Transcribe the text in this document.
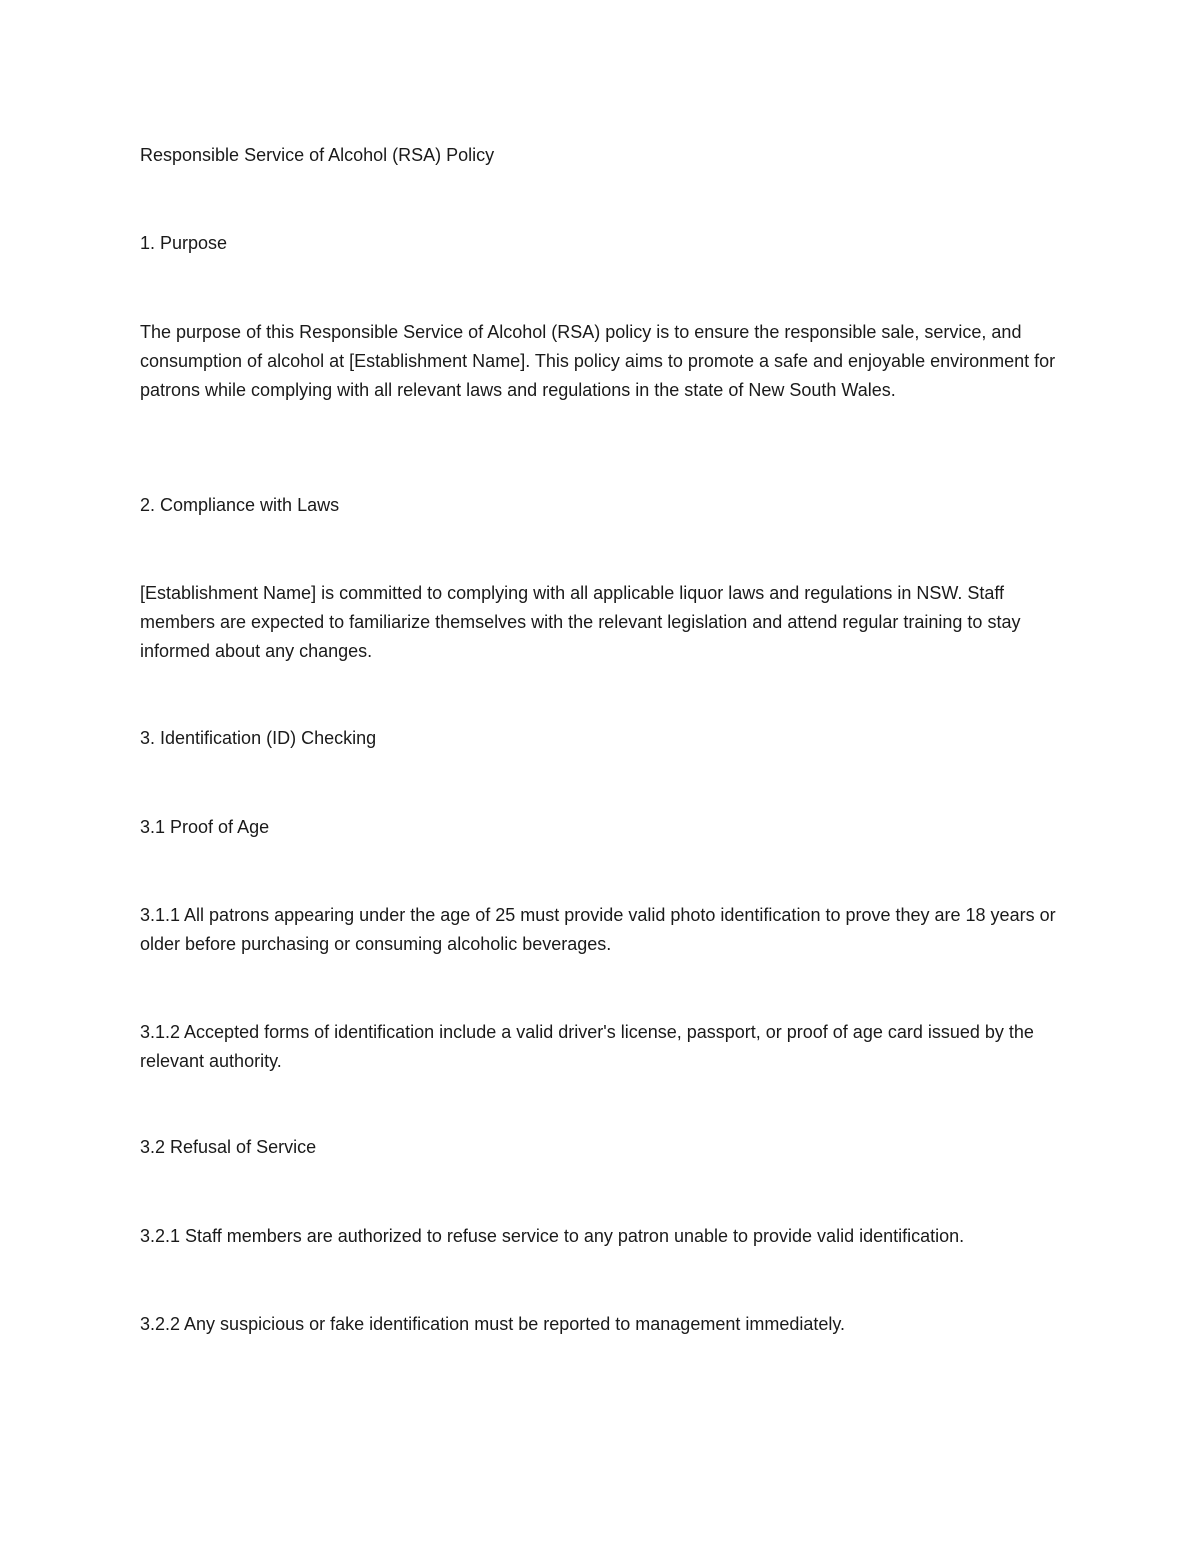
Responsible Service of Alcohol (RSA) Policy

1. Purpose

The purpose of this Responsible Service of Alcohol (RSA) policy is to ensure the responsible sale, service, and consumption of alcohol at [Establishment Name]. This policy aims to promote a safe and enjoyable environment for patrons while complying with all relevant laws and regulations in the state of New South Wales.

2. Compliance with Laws

[Establishment Name] is committed to complying with all applicable liquor laws and regulations in NSW. Staff members are expected to familiarize themselves with the relevant legislation and attend regular training to stay informed about any changes.

3. Identification (ID) Checking

3.1 Proof of Age

3.1.1 All patrons appearing under the age of 25 must provide valid photo identification to prove they are 18 years or older before purchasing or consuming alcoholic beverages.

3.1.2 Accepted forms of identification include a valid driver's license, passport, or proof of age card issued by the relevant authority.

3.2 Refusal of Service

3.2.1 Staff members are authorized to refuse service to any patron unable to provide valid identification.

3.2.2 Any suspicious or fake identification must be reported to management immediately.
